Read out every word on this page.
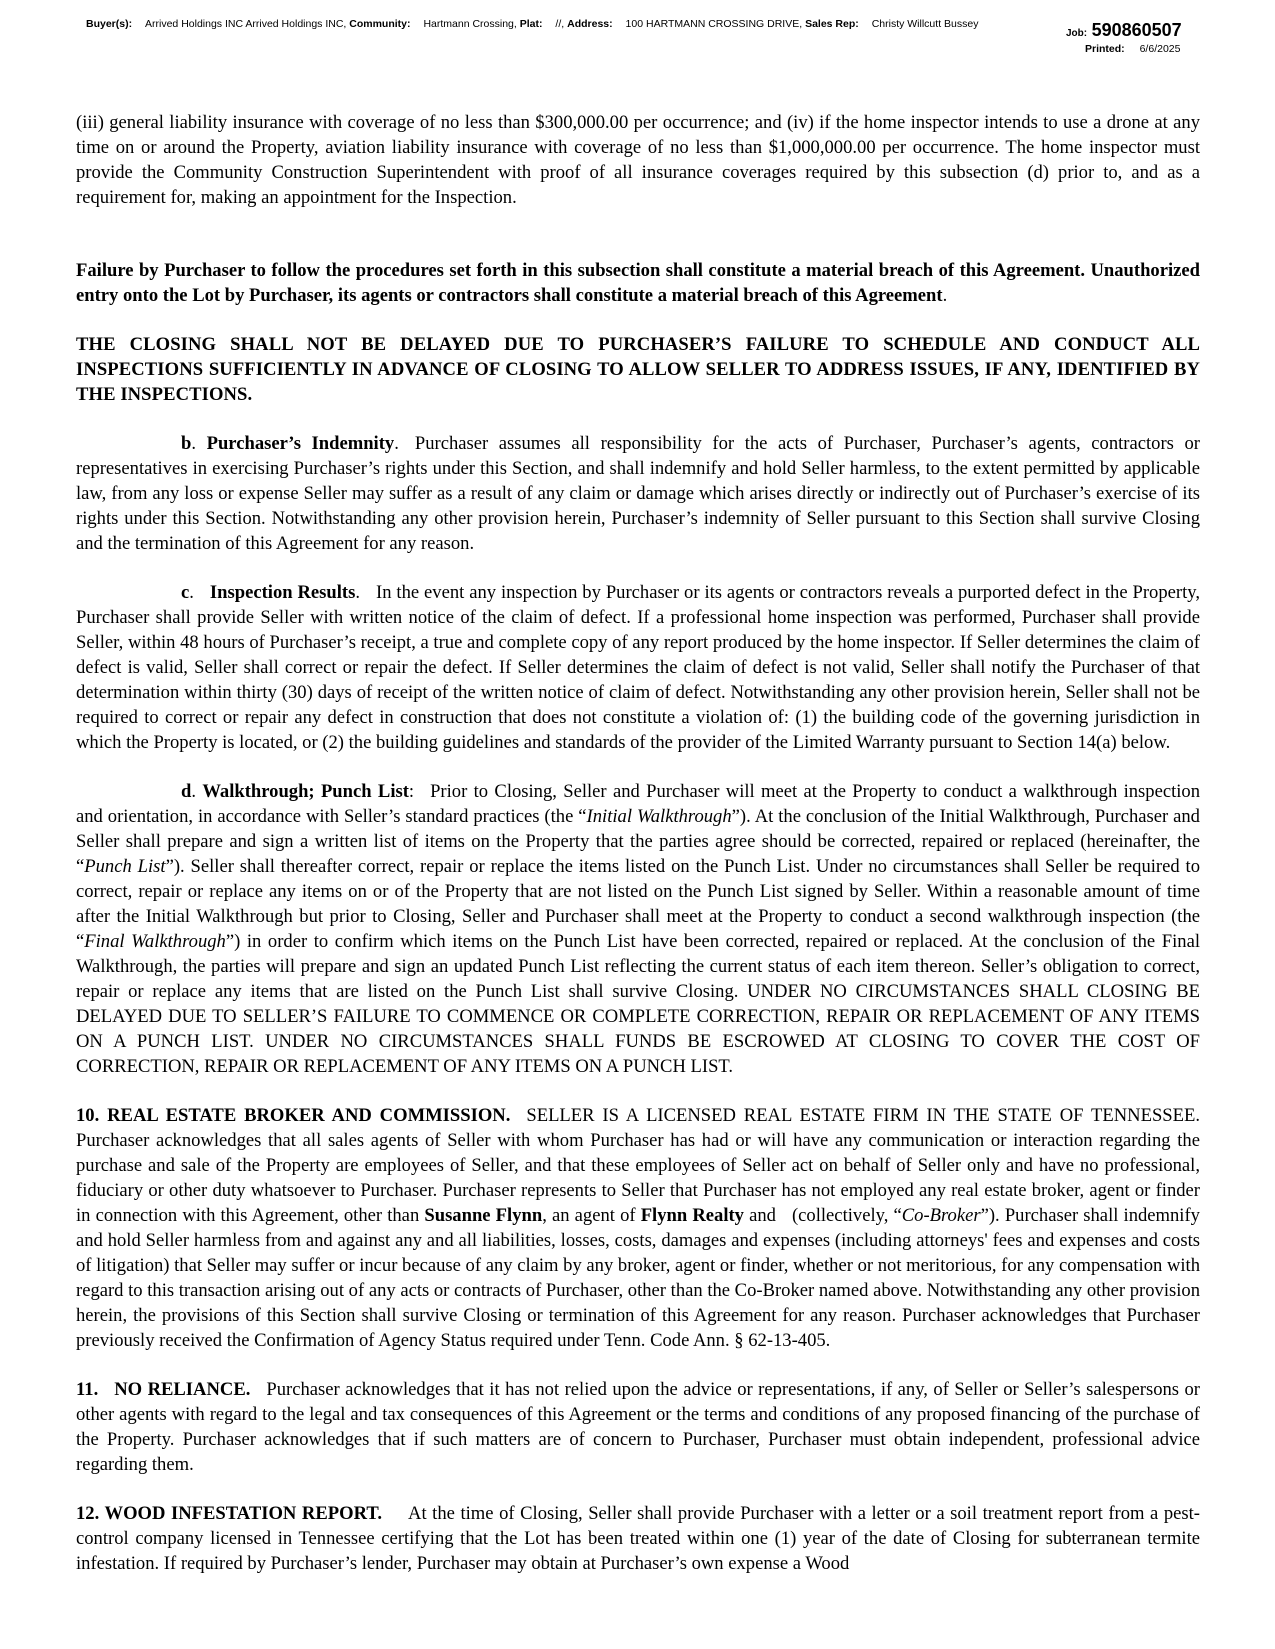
Buyer(s): Arrived Holdings INC Arrived Holdings INC, Community: Hartmann Crossing, Plat: //, Address: 100 HARTMANN CROSSING DRIVE, Sales Rep: Christy Willcutt Bussey
Job: 590860507
Printed: 6/6/2025

(iii) general liability insurance with coverage of no less than $300,000.00 per occurrence; and (iv) if the home inspector intends to use a drone at any time on or around the Property, aviation liability insurance with coverage of no less than $1,000,000.00 per occurrence. The home inspector must provide the Community Construction Superintendent with proof of all insurance coverages required by this subsection (d) prior to, and as a requirement for, making an appointment for the Inspection.

Failure by Purchaser to follow the procedures set forth in this subsection shall constitute a material breach of this Agreement. Unauthorized entry onto the Lot by Purchaser, its agents or contractors shall constitute a material breach of this Agreement.

THE CLOSING SHALL NOT BE DELAYED DUE TO PURCHASER’S FAILURE TO SCHEDULE AND CONDUCT ALL INSPECTIONS SUFFICIENTLY IN ADVANCE OF CLOSING TO ALLOW SELLER TO ADDRESS ISSUES, IF ANY, IDENTIFIED BY THE INSPECTIONS.

b. Purchaser’s Indemnity. Purchaser assumes all responsibility for the acts of Purchaser, Purchaser’s agents, contractors or representatives in exercising Purchaser’s rights under this Section, and shall indemnify and hold Seller harmless, to the extent permitted by applicable law, from any loss or expense Seller may suffer as a result of any claim or damage which arises directly or indirectly out of Purchaser’s exercise of its rights under this Section. Notwithstanding any other provision herein, Purchaser’s indemnity of Seller pursuant to this Section shall survive Closing and the termination of this Agreement for any reason.

c. Inspection Results. In the event any inspection by Purchaser or its agents or contractors reveals a purported defect in the Property, Purchaser shall provide Seller with written notice of the claim of defect. If a professional home inspection was performed, Purchaser shall provide Seller, within 48 hours of Purchaser’s receipt, a true and complete copy of any report produced by the home inspector. If Seller determines the claim of defect is valid, Seller shall correct or repair the defect. If Seller determines the claim of defect is not valid, Seller shall notify the Purchaser of that determination within thirty (30) days of receipt of the written notice of claim of defect. Notwithstanding any other provision herein, Seller shall not be required to correct or repair any defect in construction that does not constitute a violation of: (1) the building code of the governing jurisdiction in which the Property is located, or (2) the building guidelines and standards of the provider of the Limited Warranty pursuant to Section 14(a) below.

d. Walkthrough; Punch List: Prior to Closing, Seller and Purchaser will meet at the Property to conduct a walkthrough inspection and orientation, in accordance with Seller’s standard practices (the “Initial Walkthrough”). At the conclusion of the Initial Walkthrough, Purchaser and Seller shall prepare and sign a written list of items on the Property that the parties agree should be corrected, repaired or replaced (hereinafter, the “Punch List”). Seller shall thereafter correct, repair or replace the items listed on the Punch List. Under no circumstances shall Seller be required to correct, repair or replace any items on or of the Property that are not listed on the Punch List signed by Seller. Within a reasonable amount of time after the Initial Walkthrough but prior to Closing, Seller and Purchaser shall meet at the Property to conduct a second walkthrough inspection (the “Final Walkthrough”) in order to confirm which items on the Punch List have been corrected, repaired or replaced. At the conclusion of the Final Walkthrough, the parties will prepare and sign an updated Punch List reflecting the current status of each item thereon. Seller’s obligation to correct, repair or replace any items that are listed on the Punch List shall survive Closing. UNDER NO CIRCUMSTANCES SHALL CLOSING BE DELAYED DUE TO SELLER’S FAILURE TO COMMENCE OR COMPLETE CORRECTION, REPAIR OR REPLACEMENT OF ANY ITEMS ON A PUNCH LIST. UNDER NO CIRCUMSTANCES SHALL FUNDS BE ESCROWED AT CLOSING TO COVER THE COST OF CORRECTION, REPAIR OR REPLACEMENT OF ANY ITEMS ON A PUNCH LIST.

10. REAL ESTATE BROKER AND COMMISSION. SELLER IS A LICENSED REAL ESTATE FIRM IN THE STATE OF TENNESSEE. Purchaser acknowledges that all sales agents of Seller with whom Purchaser has had or will have any communication or interaction regarding the purchase and sale of the Property are employees of Seller, and that these employees of Seller act on behalf of Seller only and have no professional, fiduciary or other duty whatsoever to Purchaser. Purchaser represents to Seller that Purchaser has not employed any real estate broker, agent or finder in connection with this Agreement, other than Susanne Flynn, an agent of Flynn Realty and (collectively, “Co-Broker”). Purchaser shall indemnify and hold Seller harmless from and against any and all liabilities, losses, costs, damages and expenses (including attorneys' fees and expenses and costs of litigation) that Seller may suffer or incur because of any claim by any broker, agent or finder, whether or not meritorious, for any compensation with regard to this transaction arising out of any acts or contracts of Purchaser, other than the Co-Broker named above. Notwithstanding any other provision herein, the provisions of this Section shall survive Closing or termination of this Agreement for any reason. Purchaser acknowledges that Purchaser previously received the Confirmation of Agency Status required under Tenn. Code Ann. § 62-13-405.

11. NO RELIANCE. Purchaser acknowledges that it has not relied upon the advice or representations, if any, of Seller or Seller’s salespersons or other agents with regard to the legal and tax consequences of this Agreement or the terms and conditions of any proposed financing of the purchase of the Property. Purchaser acknowledges that if such matters are of concern to Purchaser, Purchaser must obtain independent, professional advice regarding them.

12. WOOD INFESTATION REPORT. At the time of Closing, Seller shall provide Purchaser with a letter or a soil treatment report from a pest-control company licensed in Tennessee certifying that the Lot has been treated within one (1) year of the date of Closing for subterranean termite infestation. If required by Purchaser’s lender, Purchaser may obtain at Purchaser’s own expense a Wood
